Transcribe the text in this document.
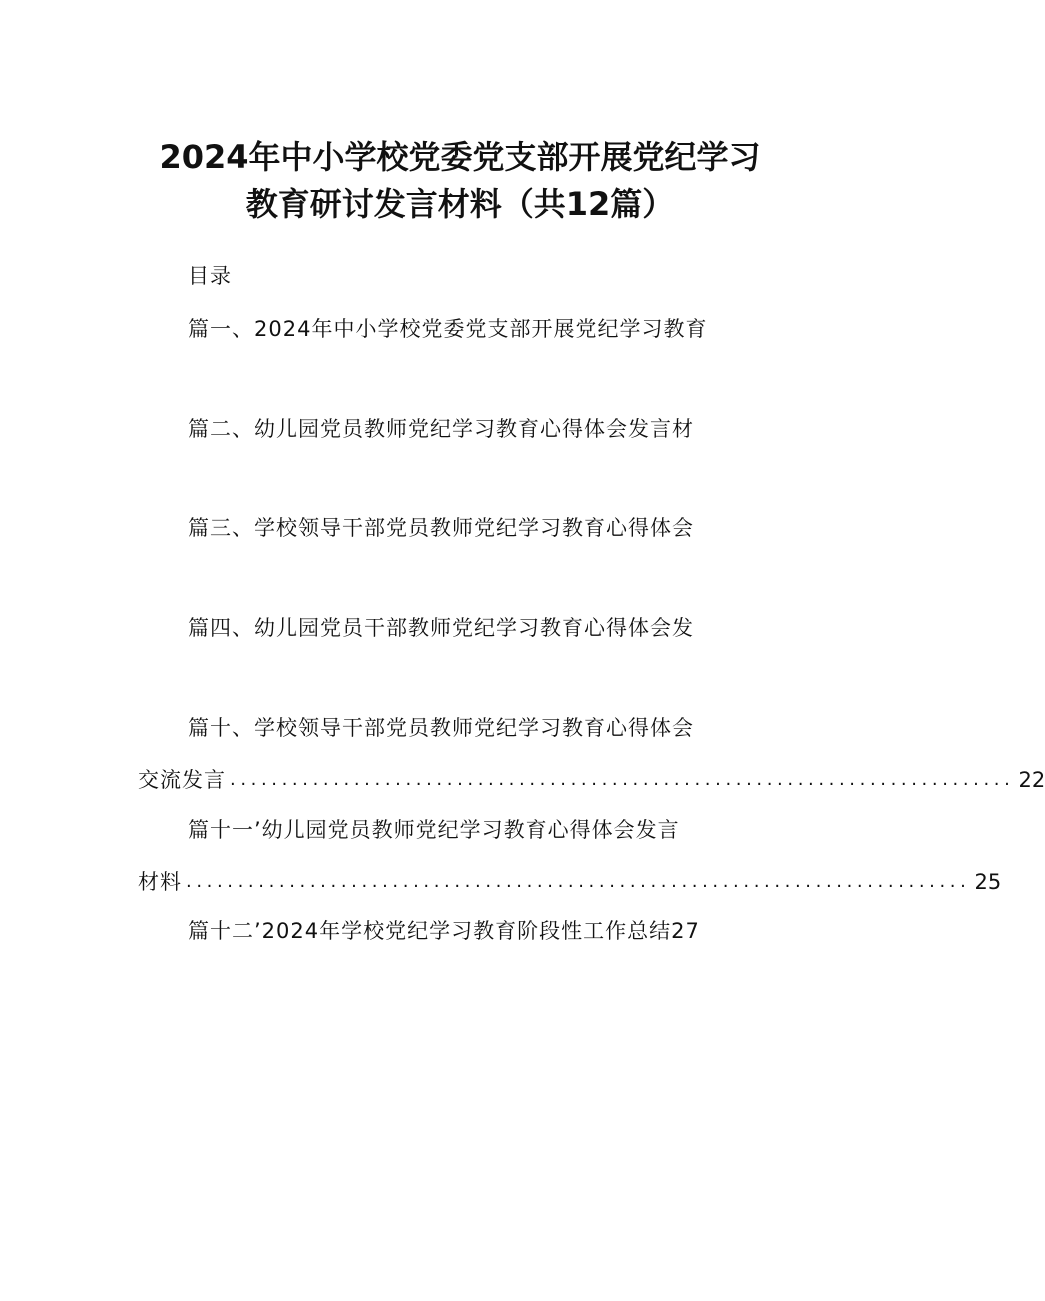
2024年中小学校党委党支部开展党纪学习
教育研讨发言材料（共12篇）
目录
篇一、2024年中小学校党委党支部开展党纪学习教育
篇二、幼儿园党员教师党纪学习教育心得体会发言材
篇三、学校领导干部党员教师党纪学习教育心得体会
篇四、幼儿园党员干部教师党纪学习教育心得体会发
篇十、学校领导干部党员教师党纪学习教育心得体会
交流发言 ............................................................................ 22
篇十一’幼儿园党员教师党纪学习教育心得体会发言
材料 ............................................................................ 25
篇十二’2024年学校党纪学习教育阶段性工作总结27
